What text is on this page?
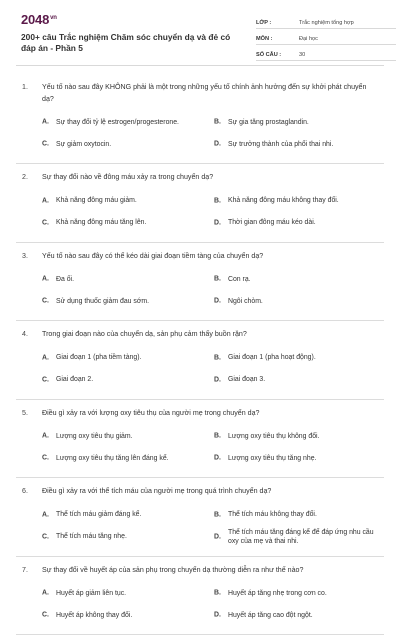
$2048^{vn}$
200+ câu Trắc nghiệm Chăm sóc chuyển dạ và đẻ có đáp án - Phần 5
LỚP :	Trắc nghiệm tổng hợp
MÔN :	Đại học
SỐ CÂU :	30
1. Yếu tố nào sau đây KHÔNG phải là một trong những yếu tố chính ảnh hưởng đến sự khởi phát chuyển dạ?
A. Sự thay đổi tỷ lệ estrogen/progesterone.	B. Sự gia tăng prostaglandin.
C. Sự giảm oxytocin.	D. Sự trưởng thành của phổi thai nhi.
2. Sự thay đổi nào về đông máu xảy ra trong chuyển dạ?
A. Khả năng đông máu giảm.	B. Khả năng đông máu không thay đổi.
C. Khả năng đông máu tăng lên.	D. Thời gian đông máu kéo dài.
3. Yếu tố nào sau đây có thể kéo dài giai đoạn tiềm tàng của chuyển dạ?
A. Đa ối.	B. Con rạ.
C. Sử dụng thuốc giảm đau sớm.	D. Ngôi chỏm.
4. Trong giai đoạn nào của chuyển dạ, sản phụ cảm thấy buồn rặn?
A. Giai đoạn 1 (pha tiềm tàng).	B. Giai đoạn 1 (pha hoạt động).
C. Giai đoạn 2.	D. Giai đoạn 3.
5. Điều gì xảy ra với lượng oxy tiêu thụ của người mẹ trong chuyển dạ?
A. Lượng oxy tiêu thụ giảm.	B. Lượng oxy tiêu thụ không đổi.
C. Lượng oxy tiêu thụ tăng lên đáng kể.	D. Lượng oxy tiêu thụ tăng nhẹ.
6. Điều gì xảy ra với thể tích máu của người mẹ trong quá trình chuyển dạ?
A. Thể tích máu giảm đáng kể.	B. Thể tích máu không thay đổi.
C. Thể tích máu tăng nhẹ.	D.
Thể tích máu tăng đáng kể để đáp ứng nhu cầu oxy của mẹ và thai nhi.
7. Sự thay đổi về huyết áp của sản phụ trong chuyển dạ thường diễn ra như thế nào?
A. Huyết áp giảm liên tục.	B. Huyết áp tăng nhẹ trong cơn co.
C. Huyết áp không thay đổi.	D. Huyết áp tăng cao đột ngột.
